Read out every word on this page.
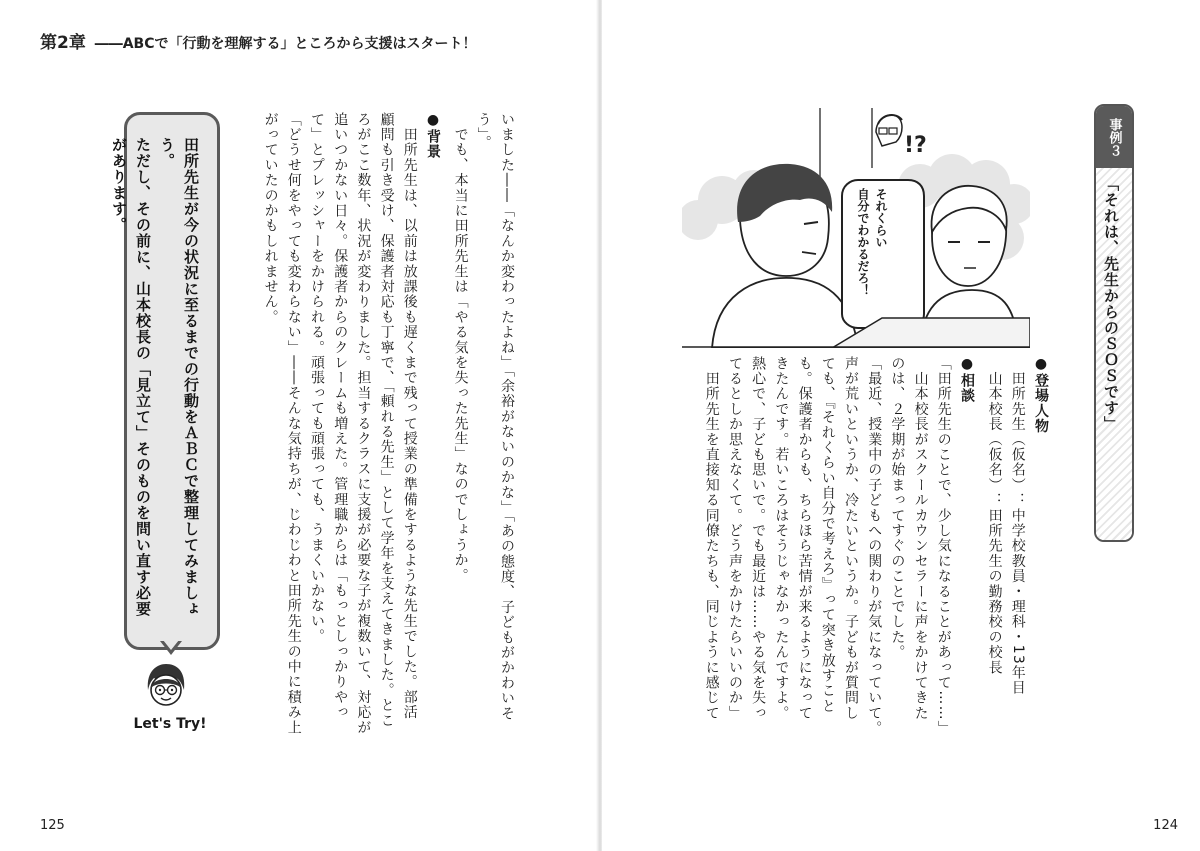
第2章 ――ABCで「行動を理解する」ところから支援はスタート！
いました――「なんか変わったよね」「余裕がないのかな」「あの態度、子どもがかわいそ
う」。
　でも、本当に田所先生は「やる気を失った先生」なのでしょうか。
●背景
　田所先生は、以前は放課後も遅くまで残って授業の準備をするような先生でした。部活
顧問も引き受け、保護者対応も丁寧で、「頼れる先生」として学年を支えてきました。とこ
ろがここ数年、状況が変わりました。担当するクラスに支援が必要な子が複数いて、対応が
追いつかない日々。保護者からのクレームも増えた。管理職からは「もっとしっかりやっ
て」とプレッシャーをかけられる。頑張っても頑張っても、うまくいかない。
「どうせ何をやっても変わらない」――そんな気持ちが、じわじわと田所先生の中に積み上
がっていたのかもしれません。
田所先生が今の状況に至るまでの行動をＡＢＣで整理してみましょう。
ただし、その前に、山本校長の「見立て」そのものを問い直す必要
があります。
Let's Try!
125
事例３
「それは、先生からのＳＯＳです」
!?
それくらい
自分でわかるだろ！
●登場人物
　田所先生（仮名）：中学校教員・理科・13年目
　山本校長（仮名）：田所先生の勤務校の校長
●相談
「田所先生のことで、少し気になることがあって……」
　山本校長がスクールカウンセラーに声をかけてきた
のは、２学期が始まってすぐのことでした。
「最近、授業中の子どもへの関わりが気になっていて。
声が荒いというか、冷たいというか。子どもが質問し
ても、『それくらい自分で考えろ』って突き放すこと
も。保護者からも、ちらほら苦情が来るようになって
きたんです。若いころはそうじゃなかったんですよ。
熱心で、子ども思いで。でも最近は……やる気を失っ
てるとしか思えなくて。どう声をかけたらいいのか」
　田所先生を直接知る同僚たちも、同じように感じて
124
